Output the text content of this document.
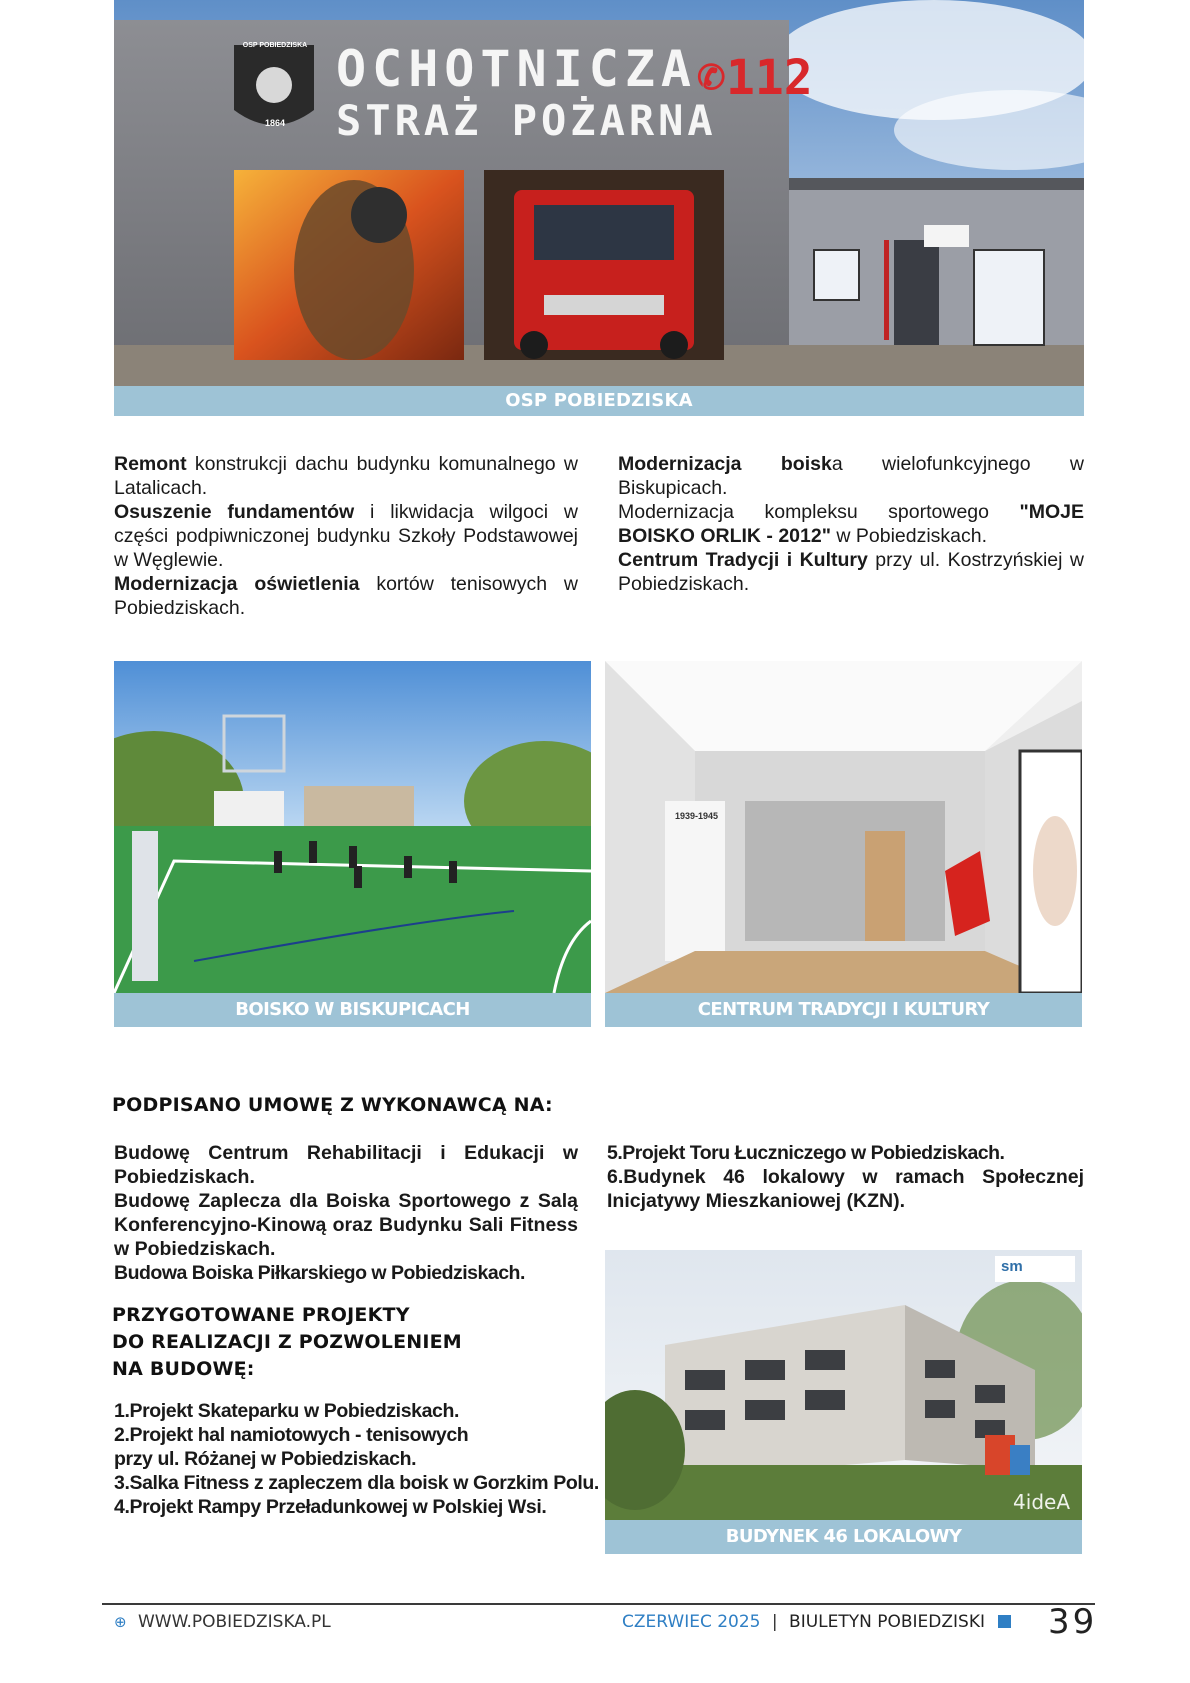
OSP POBIEDZISKA
1864
OCHOTNICZA
STRAŻ POŻARNA
✆ 112
OSP POBIEDZISKA

Remont konstrukcji dachu budynku komunalnego w Latalicach.

Osuszenie fundamentów i likwidacja wilgoci w części podpiwniczonej budynku Szkoły Podstawowej w Węglewie.

Modernizacja oświetlenia kortów tenisowych w Pobiedziskach.

Modernizacja boiska wielofunkcyjnego w Biskupicach.

Modernizacja kompleksu sportowego "MOJE BOISKO ORLIK - 2012" w Pobiedziskach.

Centrum Tradycji i Kultury przy ul. Kostrzyńskiej w Pobiedziskach.

BOISKO W BISKUPICACH
1939-1945
CENTRUM TRADYCJI I KULTURY
PODPISANO UMOWĘ Z WYKONAWCĄ NA:

Budowę Centrum Rehabilitacji i Edukacji w Pobiedziskach.

Budowę Zaplecza dla Boiska Sportowego z Salą Konferencyjno-Kinową oraz Budynku Sali Fitness w Pobiedziskach.

Budowa Boiska Piłkarskiego w Pobiedziskach.

PRZYGOTOWANE PROJEKTY
DO REALIZACJI Z POZWOLENIEM
NA BUDOWĘ:
1.Projekt Skateparku w Pobiedziskach.
2.Projekt hal namiotowych - tenisowych
przy ul. Różanej w Pobiedziskach.
3.Salka Fitness z zapleczem dla boisk w Gorzkim Polu.
4.Projekt Rampy Przeładunkowej w Polskiej Wsi.

5.Projekt Toru Łuczniczego w Pobiedziskach.

6.Budynek 46 lokalowy w ramach Społecznej Inicjatywy Mieszkaniowej (KZN).

sm
4ideA
BUDYNEK 46 LOKALOWY
⊕ WWW.POBIEDZISKA.PL	CZERWIEC 2025 | BIULETYN POBIEDZISKI	39
